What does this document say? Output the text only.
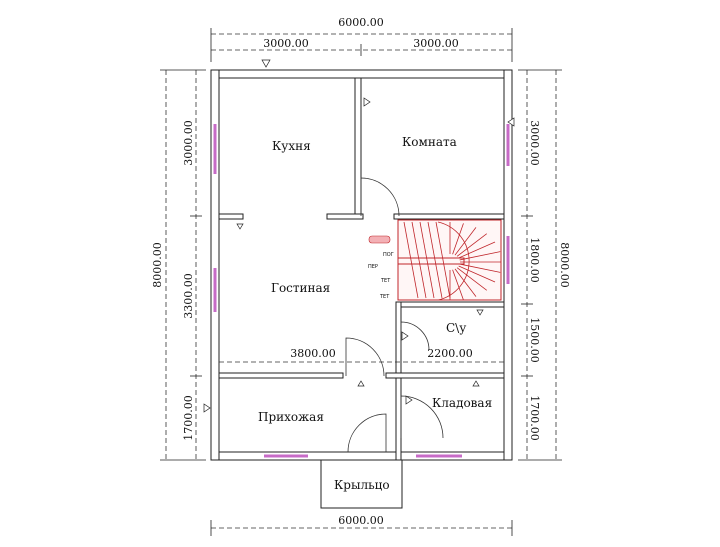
Кухня	Комната
Гостиная
С\у
Прихожая
Кладовая
Крыльцо
ПОГ
ПЕР
ТЕТ
ТЕТ
6000.00
3000.00	3000.00
6000.00
3800.00	2200.00
8000.00
3000.00
3300.00
1700.00
8000.00
3000.00
1800.00
1500.00
1700.00
